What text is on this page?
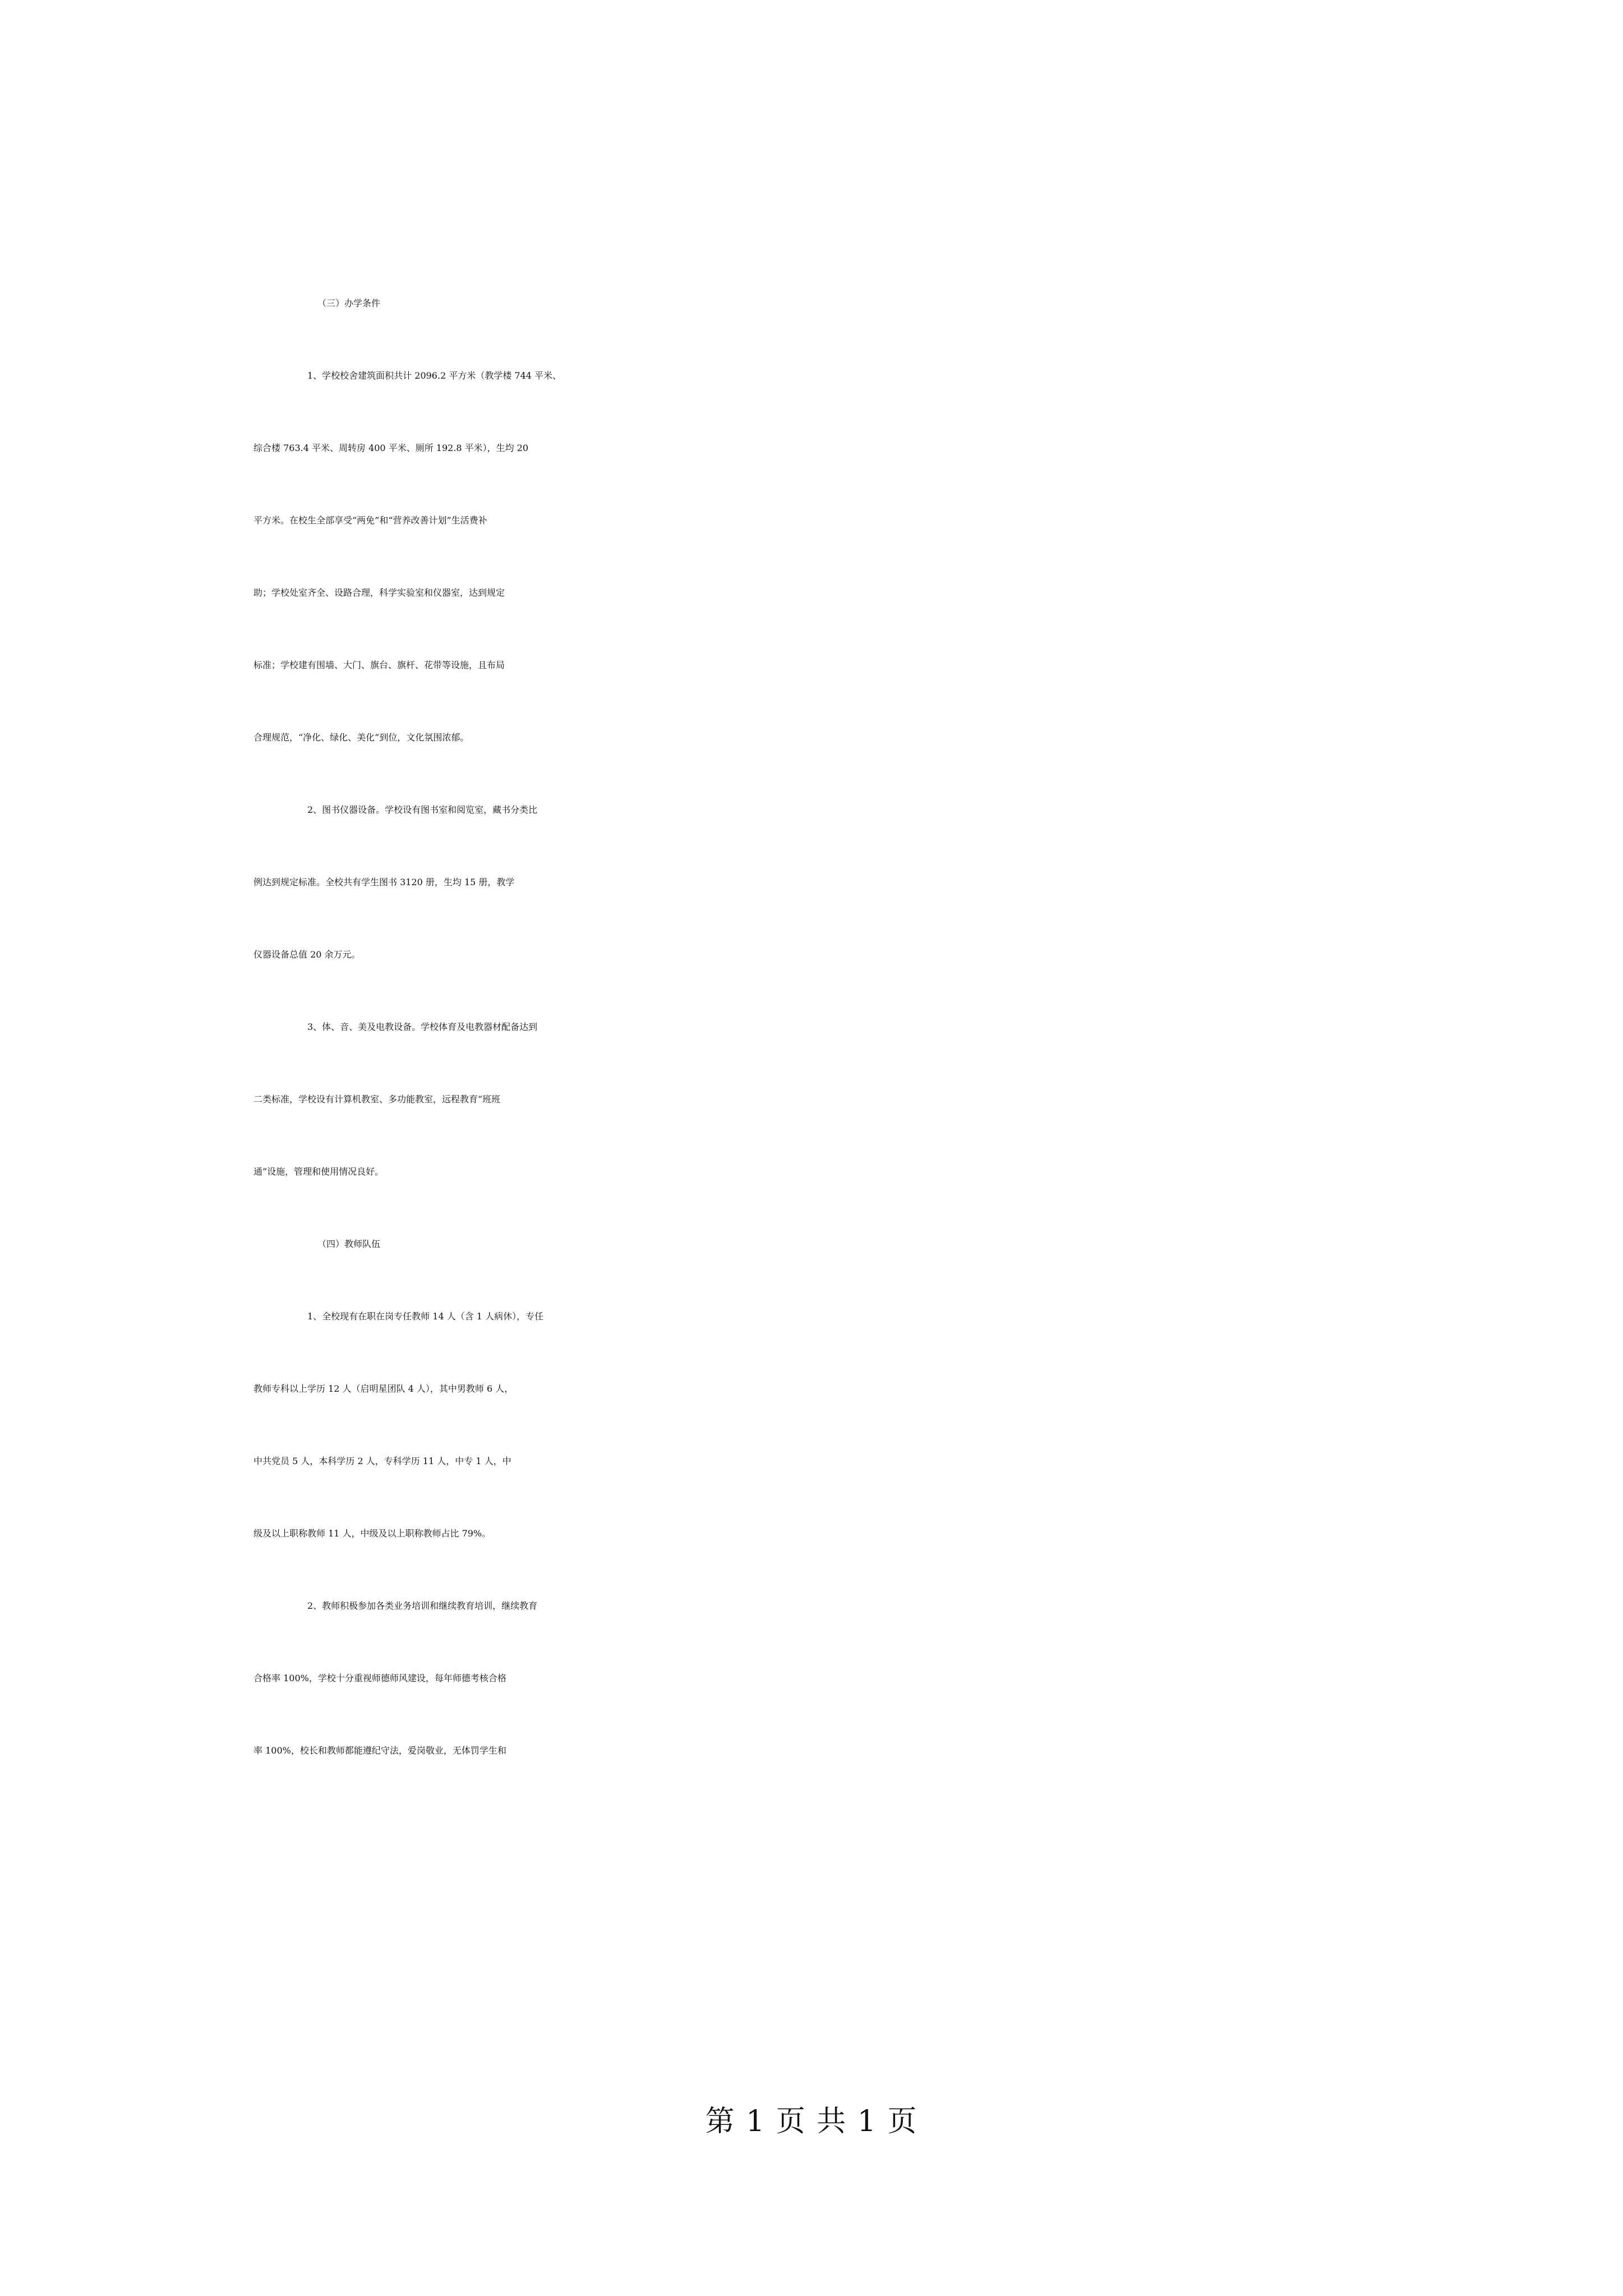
（三）办学条件
1、学校校舍建筑面积共计 2096.2 平方米（教学楼 744 平米、
综合楼 763.4 平米、周转房 400 平米、厕所 192.8 平米），生均 20
平方米。在校生全部享受“两免”和“营养改善计划”生活费补
助；学校处室齐全、设路合理，科学实验室和仪器室，达到规定
标准；学校建有围墙、大门、旗台、旗杆、花带等设施，且布局
合理规范，“净化、绿化、美化”到位，文化氛围浓郁。
2、图书仪器设备。学校设有图书室和阅览室，藏书分类比
例达到规定标准。全校共有学生图书 3120 册，生均 15 册，教学
仪器设备总值 20 余万元。
3、体、音、美及电教设备。学校体育及电教器材配备达到
二类标准，学校设有计算机教室、多功能教室，远程教育“班班
通”设施，管理和使用情况良好。
（四）教师队伍
1、全校现有在职在岗专任教师 14 人（含 1 人病休），专任
教师专科以上学历 12 人（启明星团队 4 人），其中男教师 6 人，
中共党员 5 人，本科学历 2 人，专科学历 11 人，中专 1 人，中
级及以上职称教师 11 人，中级及以上职称教师占比 79%。
2、教师积极参加各类业务培训和继续教育培训，继续教育
合格率 100%，学校十分重视师德师风建设，每年师德考核合格
率 100%，校长和教师都能遵纪守法，爱岗敬业，无体罚学生和
第 1 页 共 1 页
